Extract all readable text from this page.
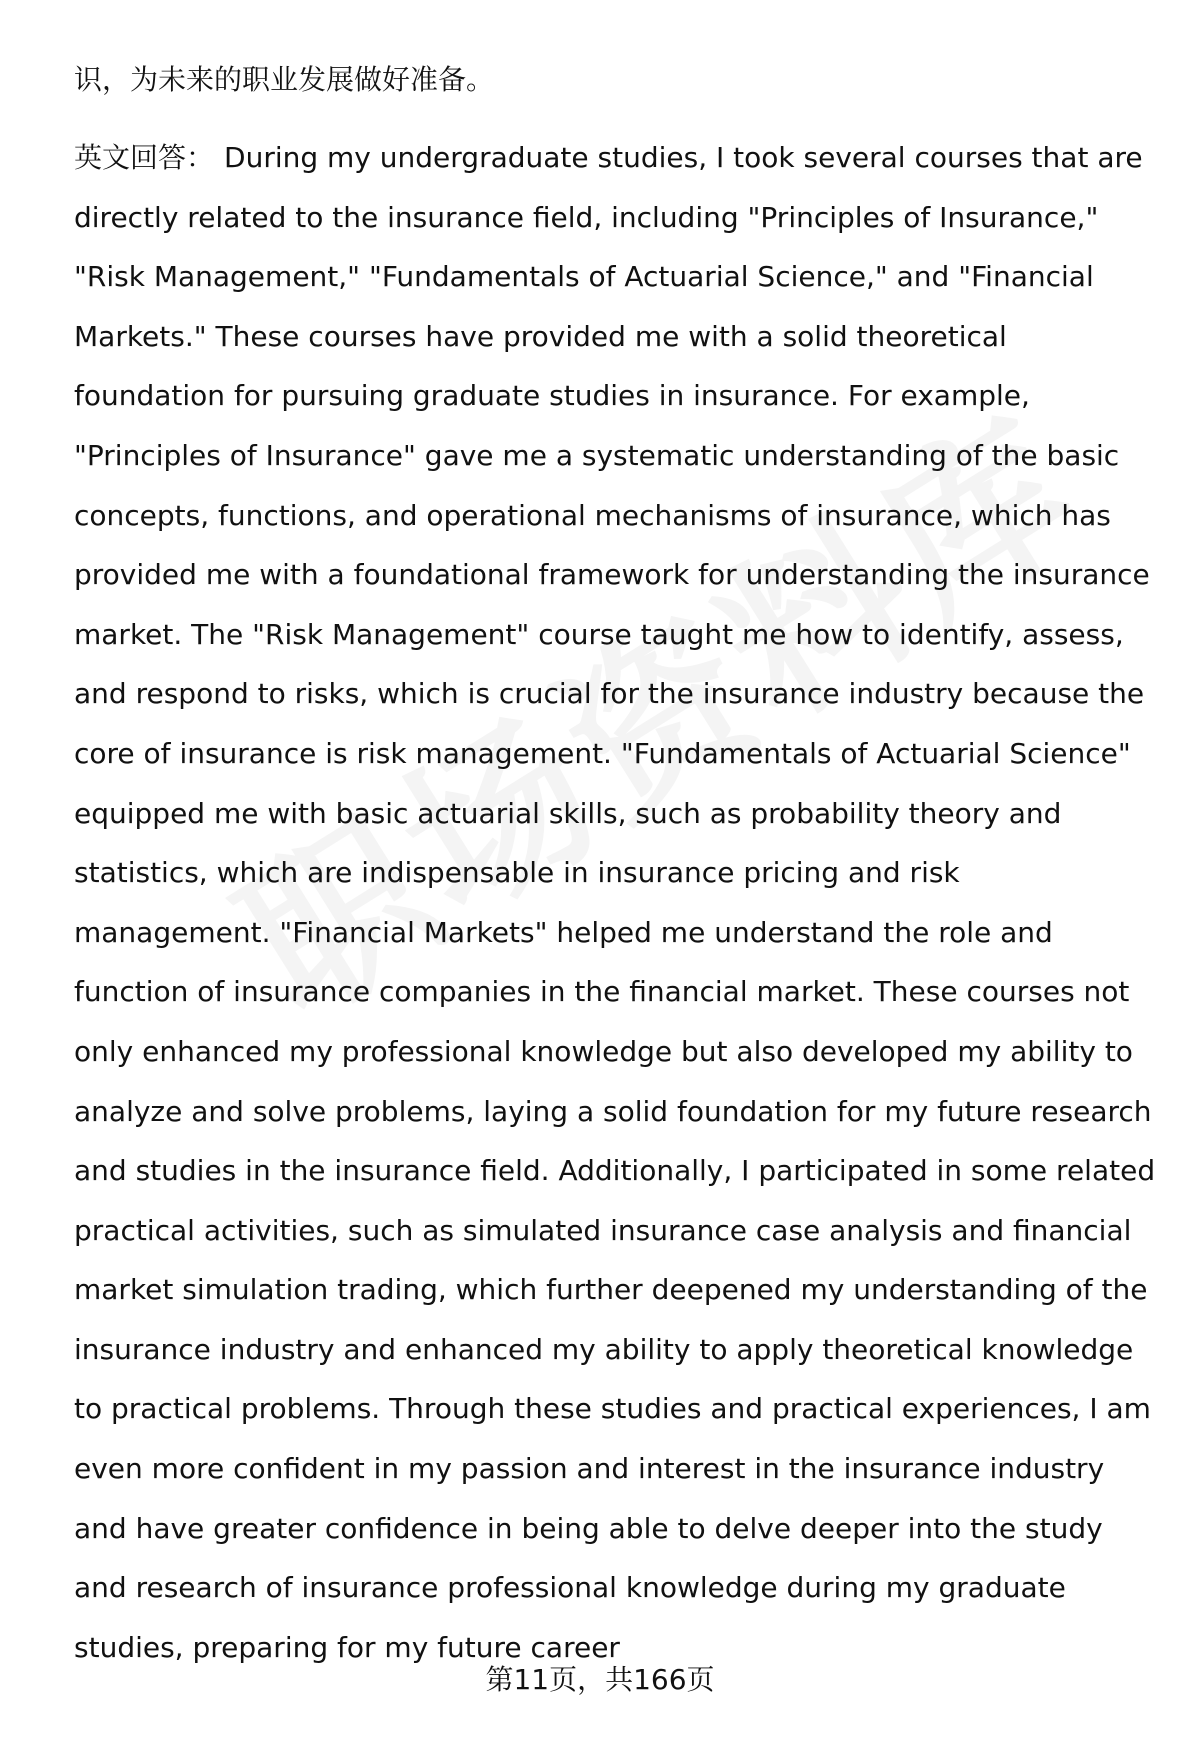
识，为未来的职业发展做好准备。

英文回答： During my undergraduate studies, I took several courses that are directly related to the insurance field, including "Principles of Insurance," "Risk Management," "Fundamentals of Actuarial Science," and "Financial Markets." These courses have provided me with a solid theoretical foundation for pursuing graduate studies in insurance. For example, "Principles of Insurance" gave me a systematic understanding of the basic concepts, functions, and operational mechanisms of insurance, which has provided me with a foundational framework for understanding the insurance market. The "Risk Management" course taught me how to identify, assess, and respond to risks, which is crucial for the insurance industry because the core of insurance is risk management. "Fundamentals of Actuarial Science" equipped me with basic actuarial skills, such as probability theory and statistics, which are indispensable in insurance pricing and risk management. "Financial Markets" helped me understand the role and function of insurance companies in the financial market. These courses not only enhanced my professional knowledge but also developed my ability to analyze and solve problems, laying a solid foundation for my future research and studies in the insurance field. Additionally, I participated in some related practical activities, such as simulated insurance case analysis and financial market simulation trading, which further deepened my understanding of the insurance industry and enhanced my ability to apply theoretical knowledge to practical problems. Through these studies and practical experiences, I am even more confident in my passion and interest in the insurance industry and have greater confidence in being able to delve deeper into the study and research of insurance professional knowledge during my graduate studies, preparing for my future career

第11页，共166页
